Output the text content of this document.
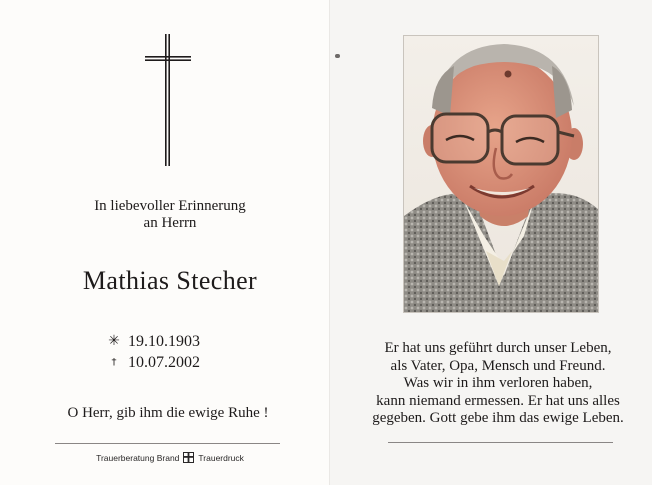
In liebevoller Erinnerung
an Herrn
Mathias Stecher
✳ 19.10.1903
† 10.07.2002
O Herr, gib ihm die ewige Ruhe !
Trauerberatung Brand Trauerdruck
Er hat uns geführt durch unser Leben,
als Vater, Opa, Mensch und Freund.
Was wir in ihm verloren haben,
kann niemand ermessen. Er hat uns alles
gegeben. Gott gebe ihm das ewige Leben.
